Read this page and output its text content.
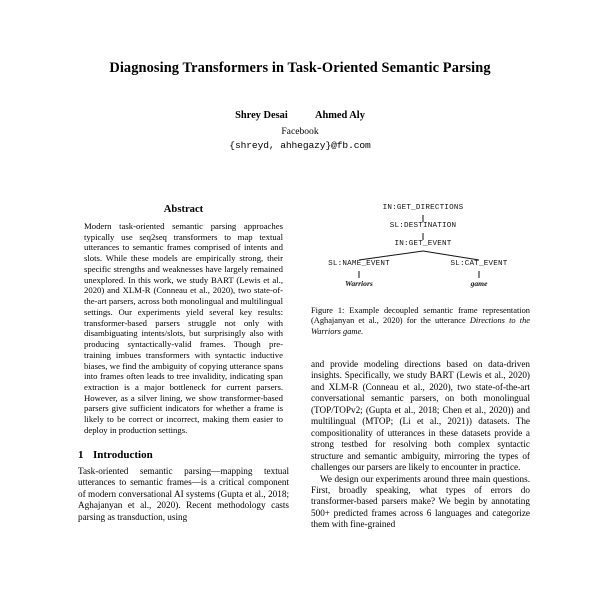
Diagnosing Transformers in Task-Oriented Semantic Parsing
Shrey Desai	Ahmed Aly
Facebook
{shreyd, ahhegazy}@fb.com
Abstract

Modern task-oriented semantic parsing approaches typically use seq2seq transformers to map textual utterances to semantic frames comprised of intents and slots. While these models are empirically strong, their specific strengths and weaknesses have largely remained unexplored. In this work, we study BART (Lewis et al., 2020) and XLM-R (Conneau et al., 2020), two state-of-the-art parsers, across both monolingual and multilingual settings. Our experiments yield several key results: transformer-based parsers struggle not only with disambiguating intents/slots, but surprisingly also with producing syntactically-valid frames. Though pre-training imbues transformers with syntactic inductive biases, we find the ambiguity of copying utterance spans into frames often leads to tree invalidity, indicating span extraction is a major bottleneck for current parsers. However, as a silver lining, we show transformer-based parsers give sufficient indicators for whether a frame is likely to be correct or incorrect, making them easier to deploy in production settings.

1 Introduction

Task-oriented semantic parsing—mapping textual utterances to semantic frames—is a critical component of modern conversational AI systems (Gupta et al., 2018; Aghajanyan et al., 2020). Recent methodology casts parsing as transduction, using

IN:GET_DIRECTIONS
SL:DESTINATION
IN:GET_EVENT
SL:NAME_EVENT	SL:CAT_EVENT
Warriors	game
Figure 1: Example decoupled semantic frame representation (Aghajanyan et al., 2020) for the utterance Directions to the Warriors game.

and provide modeling directions based on data-driven insights. Specifically, we study BART (Lewis et al., 2020) and XLM-R (Conneau et al., 2020), two state-of-the-art conversational semantic parsers, on both monolingual (TOP/TOPv2; (Gupta et al., 2018; Chen et al., 2020)) and multilingual (MTOP; (Li et al., 2021)) datasets. The compositionality of utterances in these datasets provide a strong testbed for resolving both complex syntactic structure and semantic ambiguity, mirroring the types of challenges our parsers are likely to encounter in practice.

We design our experiments around three main questions. First, broadly speaking, what types of errors do transformer-based parsers make? We begin by annotating 500+ predicted frames across 6 languages and categorize them with fine-grained
